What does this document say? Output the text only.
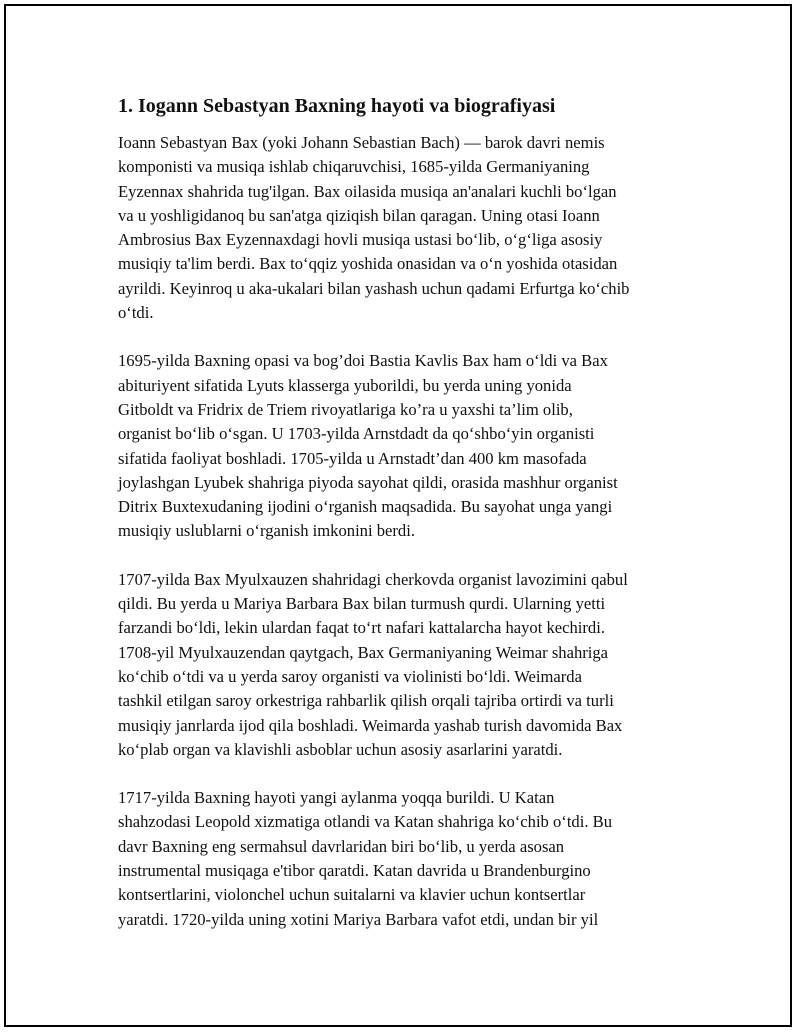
1. Iogann Sebastyan Baxning hayoti va biografiyasi

Ioann Sebastyan Bax (yoki Johann Sebastian Bach) — barok davri nemis
komponisti va musiqa ishlab chiqaruvchisi, 1685-yilda Germaniyaning
Eyzennax shahrida tug'ilgan. Bax oilasida musiqa an'analari kuchli bo‘lgan
va u yoshligidanoq bu san'atga qiziqish bilan qaragan. Uning otasi Ioann
Ambrosius Bax Eyzennaxdagi hovli musiqa ustasi bo‘lib, o‘g‘liga asosiy
musiqiy ta'lim berdi. Bax to‘qqiz yoshida onasidan va o‘n yoshida otasidan
ayrildi. Keyinroq u aka-ukalari bilan yashash uchun qadami Erfurtga ko‘chib
o‘tdi.

1695-yilda Baxning opasi va bog’doi Bastia Kavlis Bax ham o‘ldi va Bax
abituriyent sifatida Lyuts klasserga yuborildi, bu yerda uning yonida
Gitboldt va Fridrix de Triem rivoyatlariga ko’ra u yaxshi ta’lim olib,
organist bo‘lib o‘sgan. U 1703-yilda Arnstdadt da qo‘shbo‘yin organisti
sifatida faoliyat boshladi. 1705-yilda u Arnstadt’dan 400 km masofada
joylashgan Lyubek shahriga piyoda sayohat qildi, orasida mashhur organist
Ditrix Buxtexudaning ijodini o‘rganish maqsadida. Bu sayohat unga yangi
musiqiy uslublarni o‘rganish imkonini berdi.

1707-yilda Bax Myulxauzen shahridagi cherkovda organist lavozimini qabul
qildi. Bu yerda u Mariya Barbara Bax bilan turmush qurdi. Ularning yetti
farzandi bo‘ldi, lekin ulardan faqat to‘rt nafari kattalarcha hayot kechirdi.
1708-yil Myulxauzendan qaytgach, Bax Germaniyaning Weimar shahriga
ko‘chib o‘tdi va u yerda saroy organisti va violinisti bo‘ldi. Weimarda
tashkil etilgan saroy orkestriga rahbarlik qilish orqali tajriba ortirdi va turli
musiqiy janrlarda ijod qila boshladi. Weimarda yashab turish davomida Bax
ko‘plab organ va klavishli asboblar uchun asosiy asarlarini yaratdi.

1717-yilda Baxning hayoti yangi aylanma yoqqa burildi. U Katan
shahzodasi Leopold xizmatiga otlandi va Katan shahriga ko‘chib o‘tdi. Bu
davr Baxning eng sermahsul davrlaridan biri bo‘lib, u yerda asosan
instrumental musiqaga e'tibor qaratdi. Katan davrida u Brandenburgino
kontsertlarini, violonchel uchun suitalarni va klavier uchun kontsertlar
yaratdi. 1720-yilda uning xotini Mariya Barbara vafot etdi, undan bir yil
